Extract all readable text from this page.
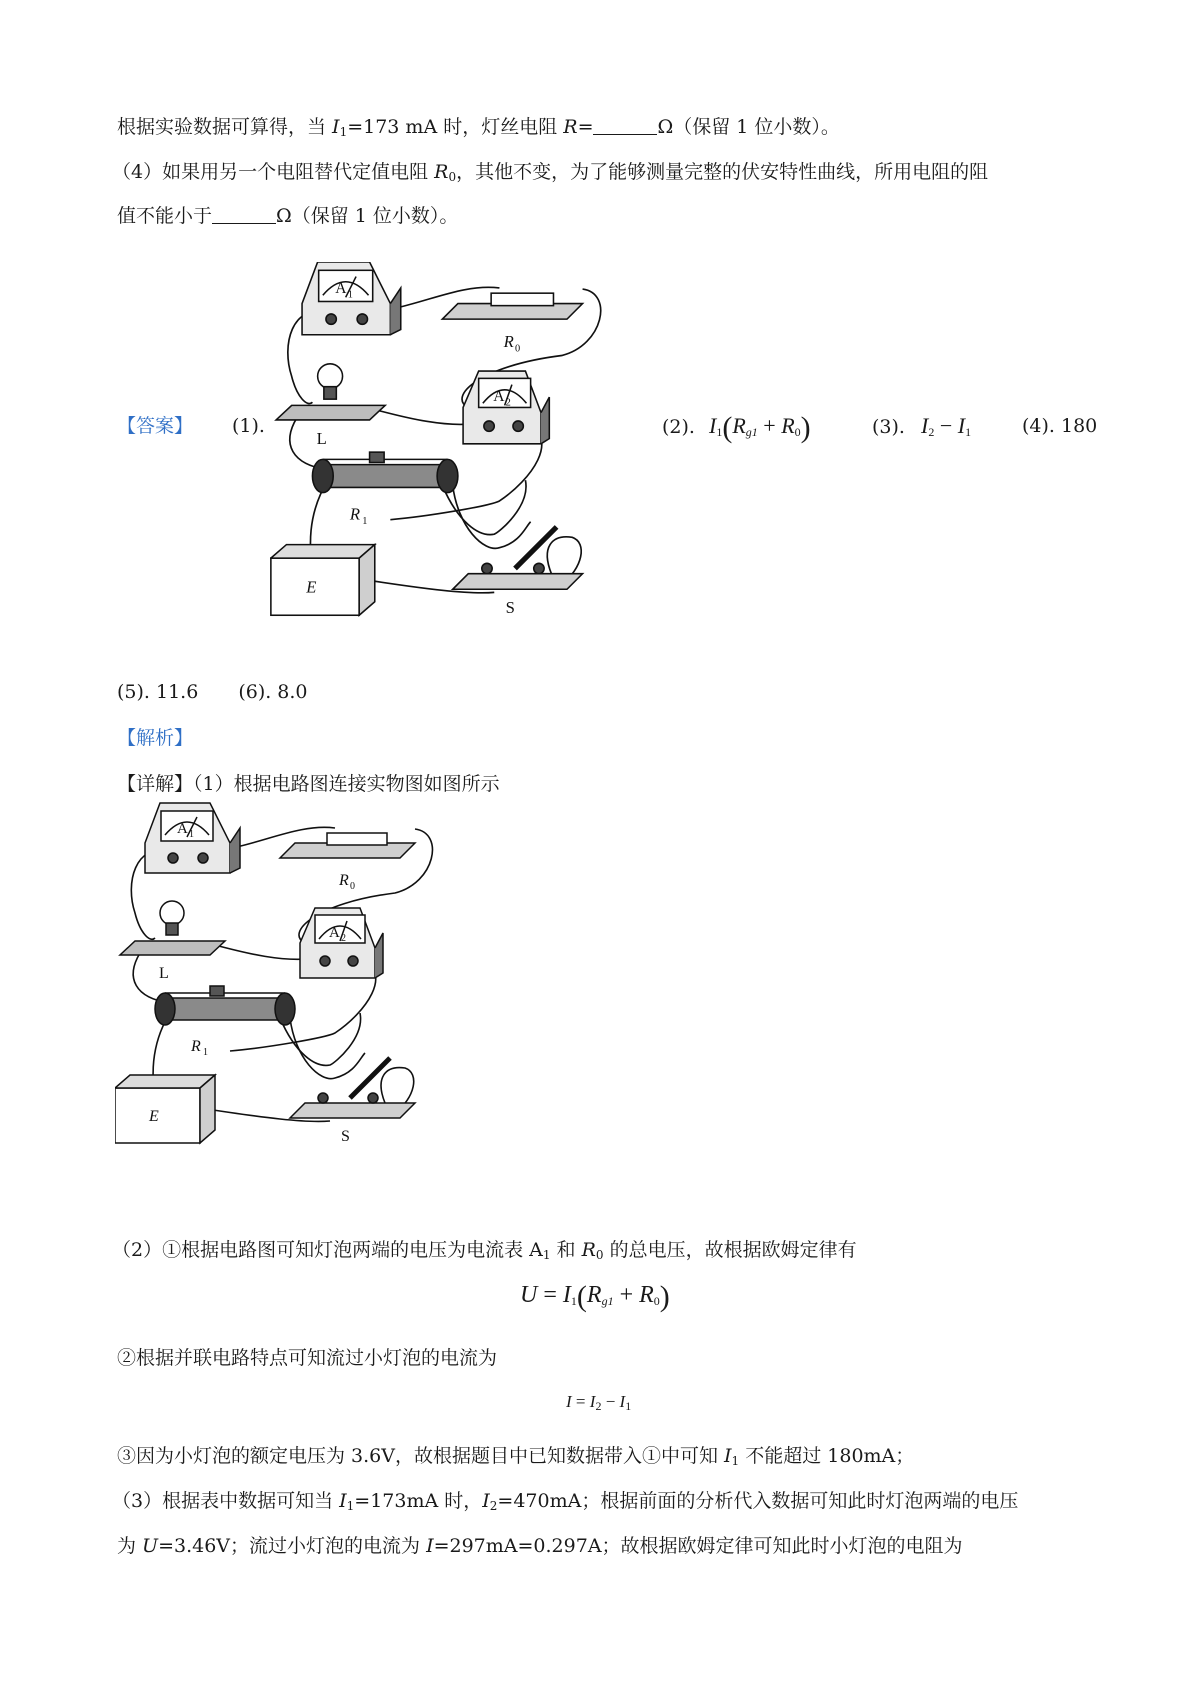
根据实验数据可算得，当 $I_1=173$ mA 时，灯丝电阻 R=	Ω（保留 1 位小数）。
（4）如果用另一个电阻替代定值电阻 $R_0$，其他不变，为了能够测量完整的伏安特性曲线，所用电阻的阻
值不能小于	Ω（保留 1 位小数）。
【答案】 (1).	(2). $I_1(R_{g1} + R_0)$	(3). $I_2 - I_1$	(4). 180
(5). 11.6 (6). 8.0
【解析】
【详解】（1）根据电路图连接实物图如图所示
A 1
R 0
A 2
L
R 1
E
S
A 1
R 0
A 2
L
R 1
E
S
（2）①根据电路图可知灯泡两端的电压为电流表 $A_1$ 和 $R_0$ 的总电压，故根据欧姆定律有
$U = I_1(R_{g1} + R_0)$
②根据并联电路特点可知流过小灯泡的电流为
$I = I_2 - I_1$
③因为小灯泡的额定电压为 3.6V，故根据题目中已知数据带入①中可知 $I_1$ 不能超过 180mA；
（3）根据表中数据可知当 $I_1=173mA$ 时，$I_2=470mA$；根据前面的分析代入数据可知此时灯泡两端的电压
为 U=3.46V；流过小灯泡的电流为 I=297mA=0.297A；故根据欧姆定律可知此时小灯泡的电阻为
